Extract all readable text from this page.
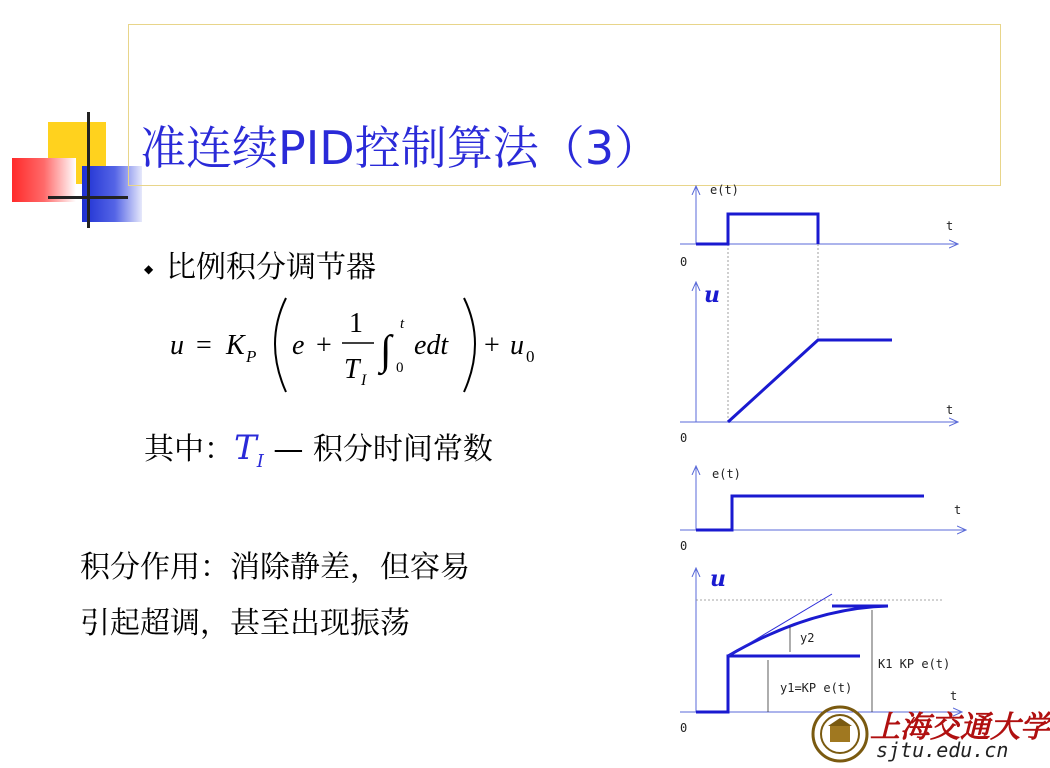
准连续PID控制算法（3）
◆ 比例积分调节器
u = K P e +
1
T I
∫
t
0
edt + u 0
其中：$T_I$ — 积分时间常数
积分作用：消除静差，但容易
引起超调，甚至出现振荡
e(t)
t
0
t
0
e(t)
t
0
t
0
y2
K1 KP e(t)
y1=KP e(t)
u
u
上海交通大学
sjtu.edu.cn
